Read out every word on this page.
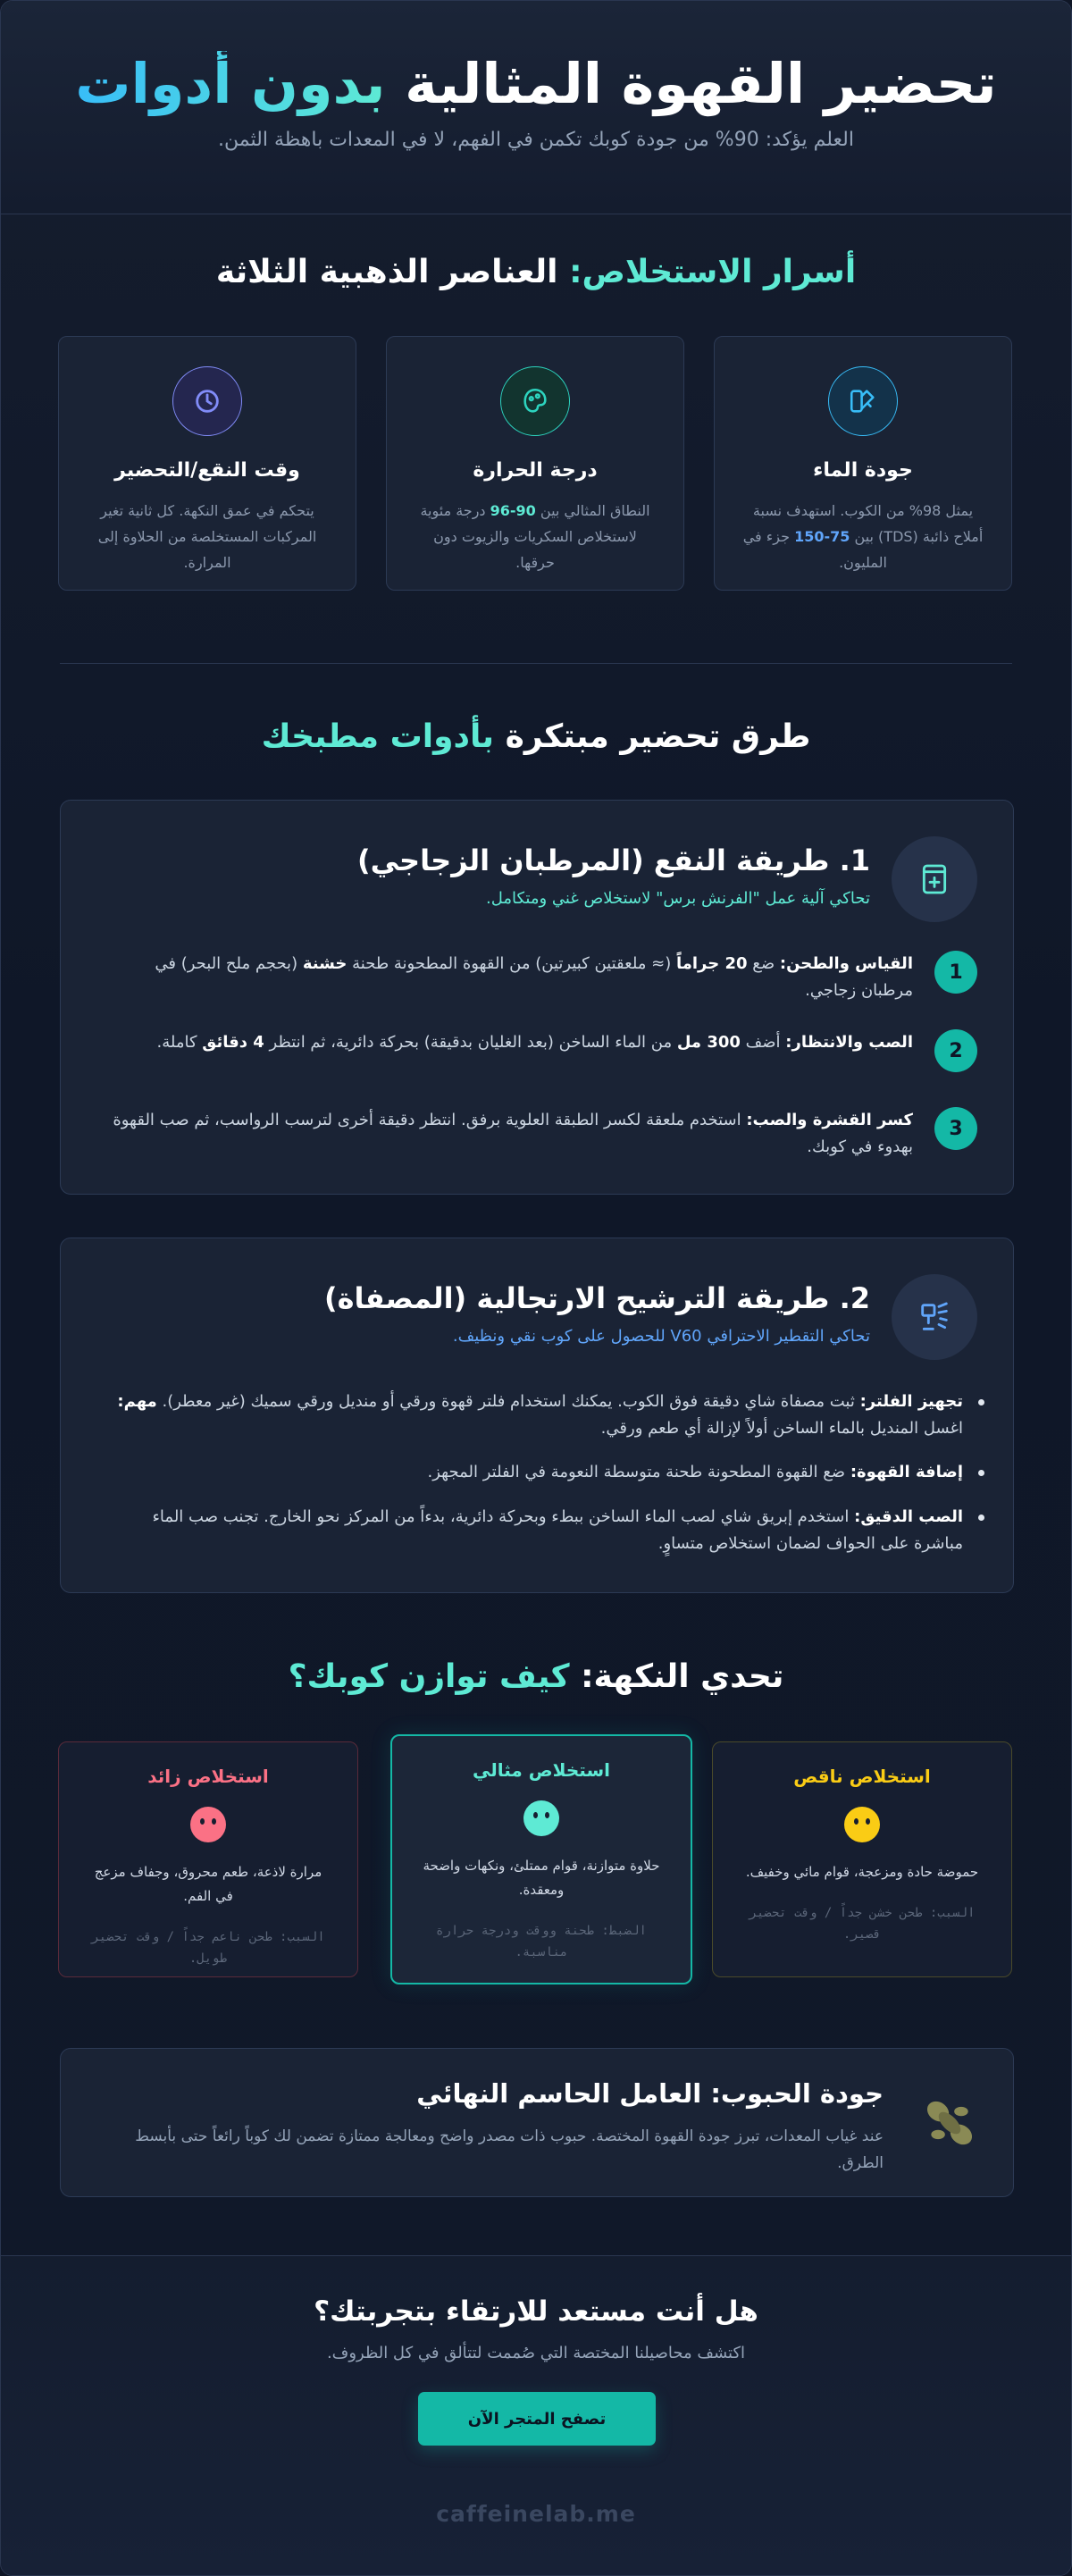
تحضير القهوة المثالية بدون أدوات
العلم يؤكد: 90% من جودة كوبك تكمن في الفهم، لا في المعدات باهظة الثمن.
أسرار الاستخلاص: العناصر الذهبية الثلاثة
جودة الماء

يمثل 98% من الكوب. استهدف نسبة أملاح ذائبة (TDS) بين 75-150 جزء في المليون.

درجة الحرارة

النطاق المثالي بين 90-96 درجة مئوية لاستخلاص السكريات والزيوت دون حرقها.

وقت النقع/التحضير

يتحكم في عمق النكهة. كل ثانية تغير المركبات المستخلصة من الحلاوة إلى المرارة.

طرق تحضير مبتكرة بأدوات مطبخك
1. طريقة النقع (المرطبان الزجاجي)
تحاكي آلية عمل "الفرنش برس" لاستخلاص غني ومتكامل.
1
القياس والطحن: ضع 20 جراماً (≈ ملعقتين كبيرتين) من القهوة المطحونة طحنة خشنة (بحجم ملح البحر) في مرطبان زجاجي.
2
الصب والانتظار: أضف 300 مل من الماء الساخن (بعد الغليان بدقيقة) بحركة دائرية، ثم انتظر 4 دقائق كاملة.
3
كسر القشرة والصب: استخدم ملعقة لكسر الطبقة العلوية برفق. انتظر دقيقة أخرى لترسب الرواسب، ثم صب القهوة بهدوء في كوبك.
2. طريقة الترشيح الارتجالية (المصفاة)
تحاكي التقطير الاحترافي V60 للحصول على كوب نقي ونظيف.
تجهيز الفلتر: ثبت مصفاة شاي دقيقة فوق الكوب. يمكنك استخدام فلتر قهوة ورقي أو منديل ورقي سميك (غير معطر). مهم: اغسل المنديل بالماء الساخن أولاً لإزالة أي طعم ورقي.
إضافة القهوة: ضع القهوة المطحونة طحنة متوسطة النعومة في الفلتر المجهز.
الصب الدقيق: استخدم إبريق شاي لصب الماء الساخن ببطء وبحركة دائرية، بدءاً من المركز نحو الخارج. تجنب صب الماء مباشرة على الحواف لضمان استخلاص متساوٍ.
تحدي النكهة: كيف توازن كوبك؟
استخلاص ناقص
حموضة حادة ومزعجة، قوام مائي وخفيف.
السبب: طحن خشن جداً / وقت تحضير قصير.
استخلاص مثالي
حلاوة متوازنة، قوام ممتلئ، ونكهات واضحة ومعقدة.
الضبط: طحنة ووقت ودرجة حرارة مناسبة.
استخلاص زائد
مرارة لاذعة، طعم محروق، وجفاف مزعج في الفم.
السبب: طحن ناعم جداً / وقت تحضير طويل.
جودة الحبوب: العامل الحاسم النهائي

عند غياب المعدات، تبرز جودة القهوة المختصة. حبوب ذات مصدر واضح ومعالجة ممتازة تضمن لك كوباً رائعاً حتى بأبسط الطرق.

هل أنت مستعد للارتقاء بتجربتك؟
اكتشف محاصيلنا المختصة التي صُممت لتتألق في كل الظروف.
تصفح المتجر الآن
caffeinelab.me
